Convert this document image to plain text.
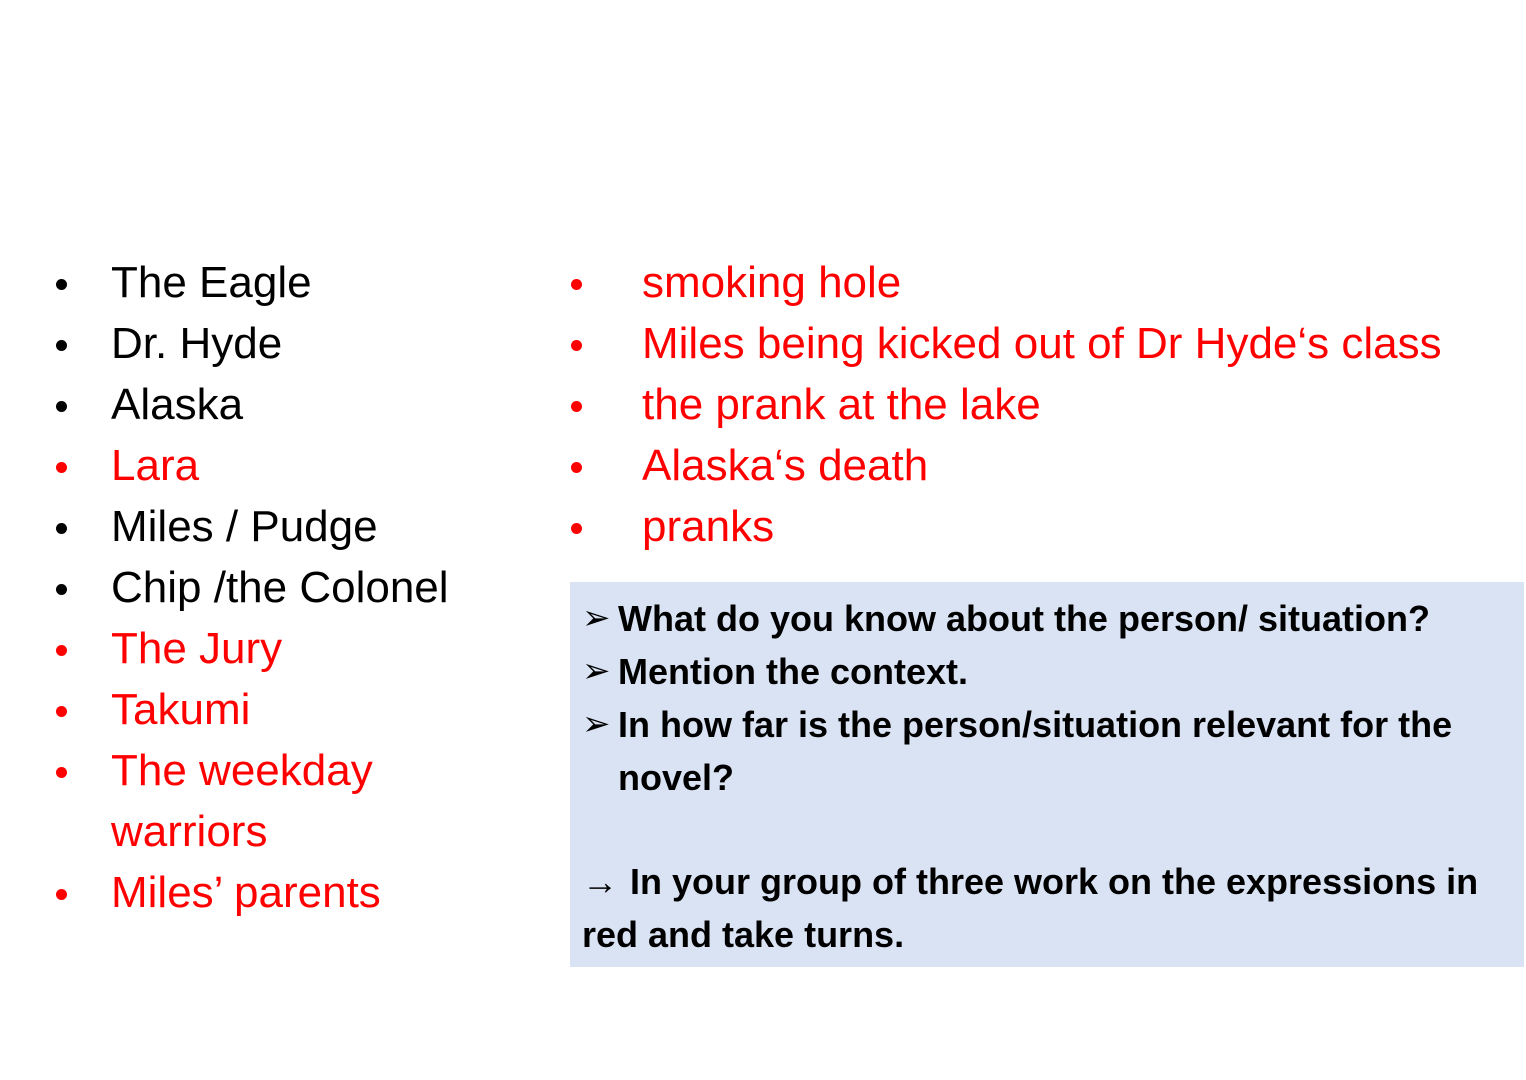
The Eagle
Dr. Hyde
Alaska
Lara
Miles / Pudge
Chip /the Colonel
The Jury
Takumi
The weekday warriors
Miles’ parents
smoking hole
Miles being kicked out of Dr Hyde‘s class
the prank at the lake
Alaska‘s death
pranks
➢ What do you know about the person/ situation?
➢ Mention the context.
➢ In how far is the person/situation relevant for the novel?
→ In your group of three work on the expressions in red and take turns.
